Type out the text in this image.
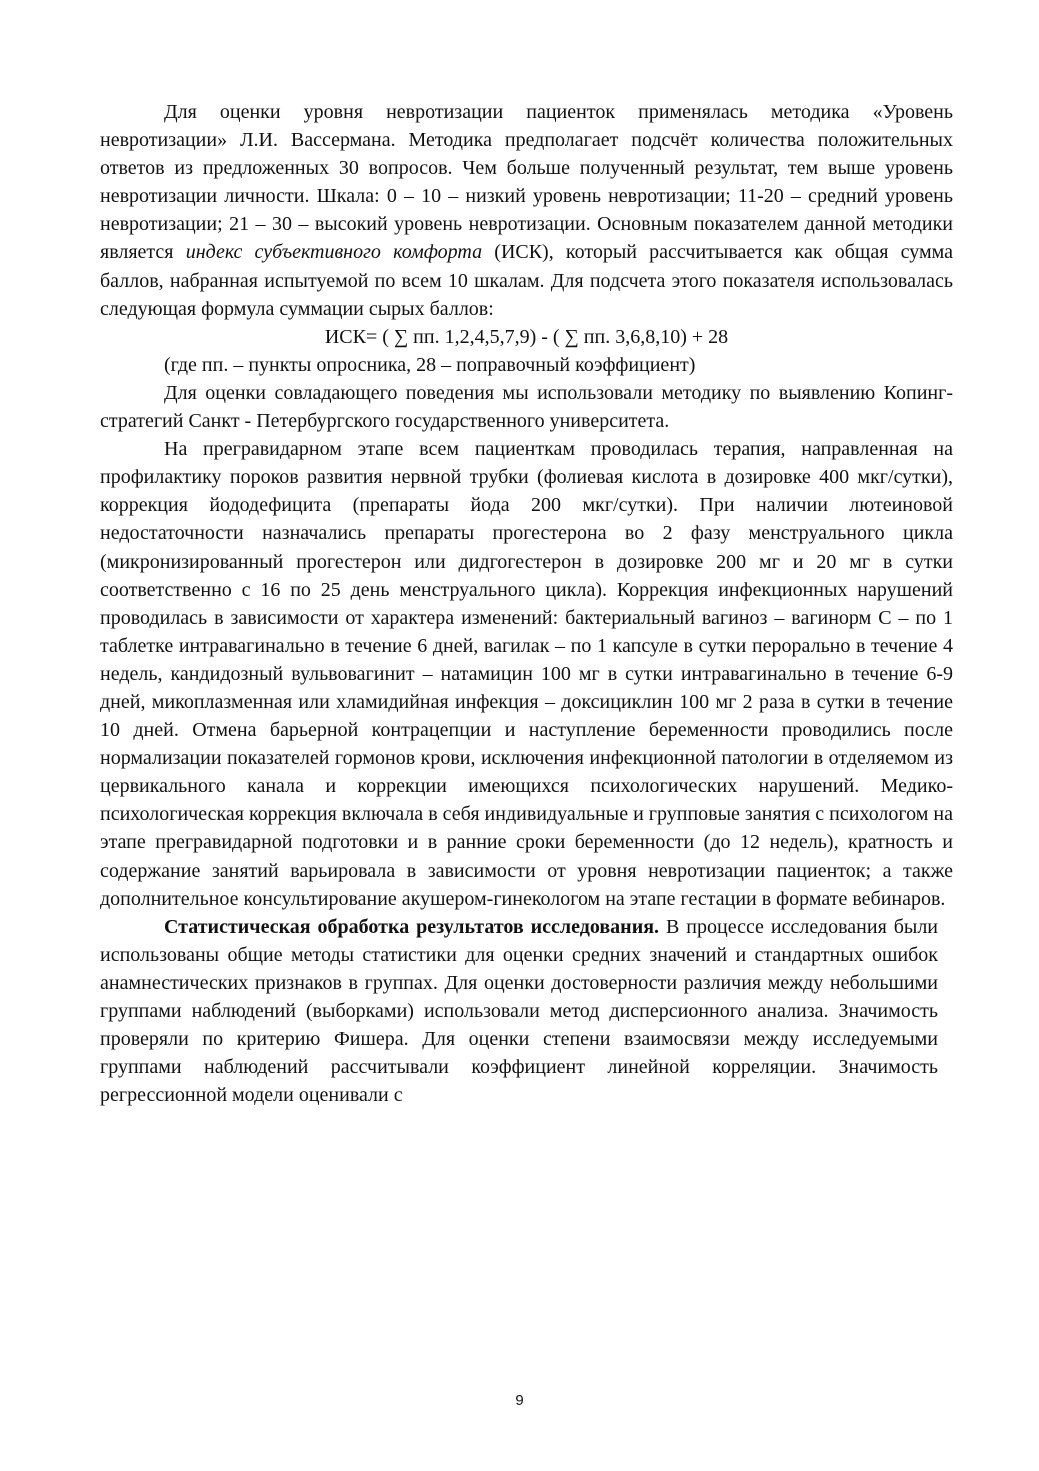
Для оценки уровня невротизации пациенток применялась методика «Уровень невротизации» Л.И. Вассермана. Методика предполагает подсчёт количества положительных ответов из предложенных 30 вопросов. Чем больше полученный результат, тем выше уровень невротизации личности. Шкала: 0 – 10 – низкий уровень невротизации; 11-20 – средний уровень невротизации; 21 – 30 – высокий уровень невротизации. Основным показателем данной методики является индекс субъективного комфорта (ИСК), который рассчитывается как общая сумма баллов, набранная испытуемой по всем 10 шкалам. Для подсчета этого показателя использовалась следующая формула суммации сырых баллов:

ИСК= ( ∑ пп. 1,2,4,5,7,9) - ( ∑ пп. 3,6,8,10) + 28

(где пп. – пункты опросника, 28 – поправочный коэффициент)

Для оценки совладающего поведения мы использовали методику по выявлению Копинг-стратегий Санкт - Петербургского государственного университета.

На прегравидарном этапе всем пациенткам проводилась терапия, направленная на профилактику пороков развития нервной трубки (фолиевая кислота в дозировке 400 мкг/сутки), коррекция йододефицита (препараты йода 200 мкг/сутки). При наличии лютеиновой недостаточности назначались препараты прогестерона во 2 фазу менструального цикла (микронизированный прогестерон или дидгогестерон в дозировке 200 мг и 20 мг в сутки соответственно с 16 по 25 день менструального цикла). Коррекция инфекционных нарушений проводилась в зависимости от характера изменений: бактериальный вагиноз – вагинорм С – по 1 таблетке интравагинально в течение 6 дней, вагилак – по 1 капсуле в сутки перорально в течение 4 недель, кандидозный вульвовагинит – натамицин 100 мг в сутки интравагинально в течение 6-9 дней, микоплазменная или хламидийная инфекция – доксициклин 100 мг 2 раза в сутки в течение 10 дней. Отмена барьерной контрацепции и наступление беременности проводились после нормализации показателей гормонов крови, исключения инфекционной патологии в отделяемом из цервикального канала и коррекции имеющихся психологических нарушений. Медико-психологическая коррекция включала в себя индивидуальные и групповые занятия с психологом на этапе прегравидарной подготовки и в ранние сроки беременности (до 12 недель), кратность и содержание занятий варьировала в зависимости от уровня невротизации пациенток; а также дополнительное консультирование акушером-гинекологом на этапе гестации в формате вебинаров.

Статистическая обработка результатов исследования. В процессе исследования были использованы общие методы статистики для оценки средних значений и стандартных ошибок анамнестических признаков в группах. Для оценки достоверности различия между небольшими группами наблюдений (выборками) использовали метод дисперсионного анализа. Значимость проверяли по критерию Фишера. Для оценки степени взаимосвязи между исследуемыми группами наблюдений рассчитывали коэффициент линейной корреляции. Значимость регрессионной модели оценивали с

9
